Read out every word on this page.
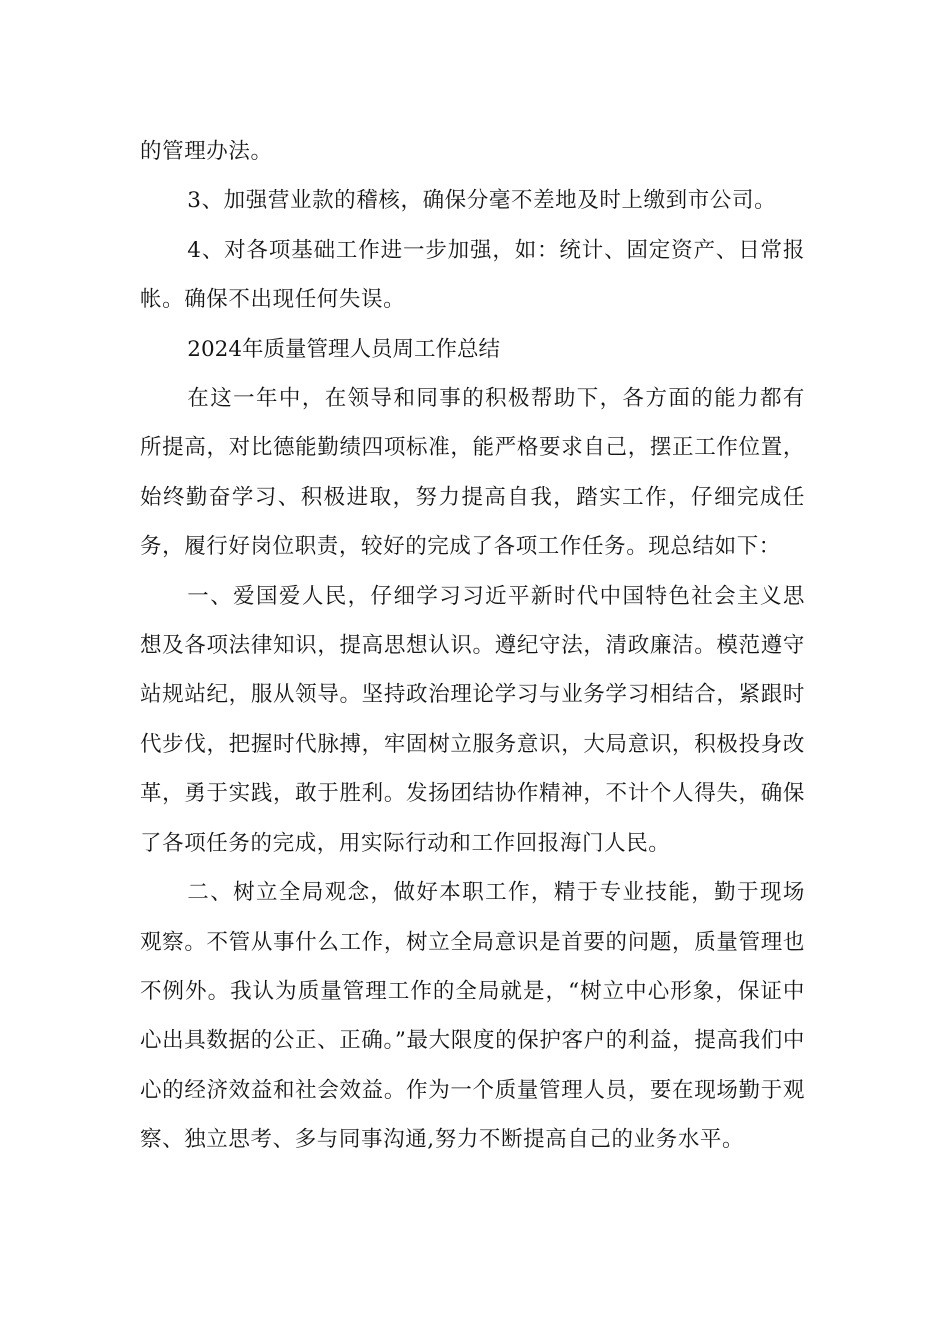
的管理办法。

3、加强营业款的稽核，确保分毫不差地及时上缴到市公司。

4、对各项基础工作进一步加强，如：统计、固定资产、日常报帐。确保不出现任何失误。

2024年质量管理人员周工作总结

在这一年中，在领导和同事的积极帮助下，各方面的能力都有所提高，对比德能勤绩四项标准，能严格要求自己，摆正工作位置，始终勤奋学习、积极进取，努力提高自我，踏实工作，仔细完成任务，履行好岗位职责，较好的完成了各项工作任务。现总结如下：

一、爱国爱人民，仔细学习习近平新时代中国特色社会主义思想及各项法律知识，提高思想认识。遵纪守法，清政廉洁。模范遵守站规站纪，服从领导。坚持政治理论学习与业务学习相结合，紧跟时代步伐，把握时代脉搏，牢固树立服务意识，大局意识，积极投身改革，勇于实践，敢于胜利。发扬团结协作精神，不计个人得失，确保了各项任务的完成，用实际行动和工作回报海门人民。

二、树立全局观念，做好本职工作，精于专业技能，勤于现场观察。不管从事什么工作，树立全局意识是首要的问题，质量管理也不例外。我认为质量管理工作的全局就是，“树立中心形象，保证中心出具数据的公正、正确。”最大限度的保护客户的利益，提高我们中心的经济效益和社会效益。作为一个质量管理人员，要在现场勤于观察、独立思考、多与同事沟通,努力不断提高自己的业务水平。
